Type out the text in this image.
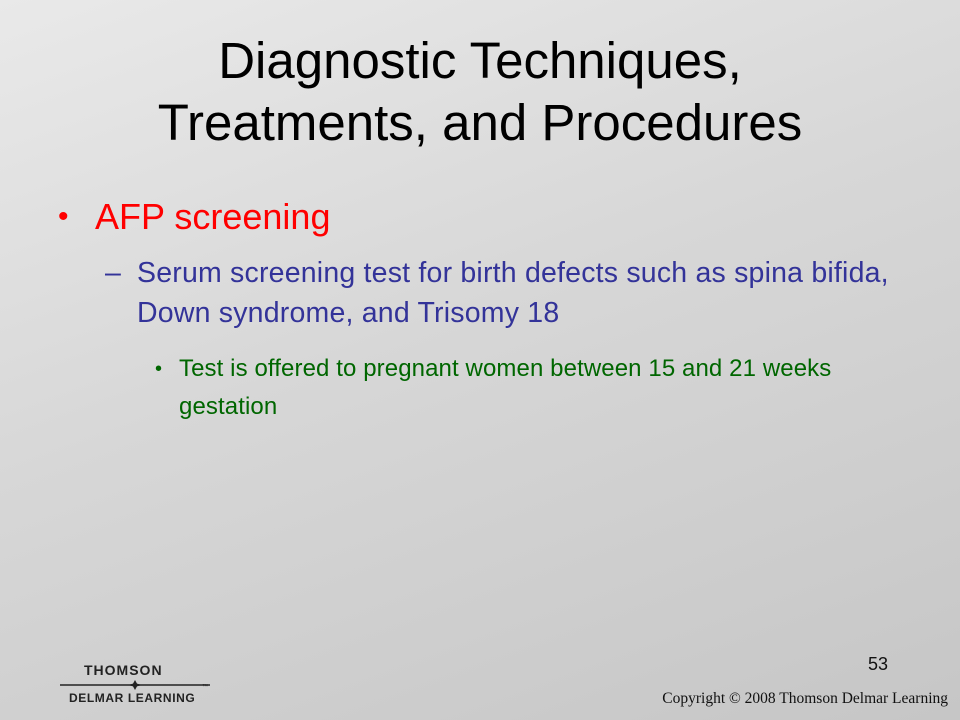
Diagnostic Techniques,
Treatments, and Procedures
• AFP screening
– Serum screening test for birth defects such as spina bifida, Down syndrome, and Trisomy 18
• Test is offered to pregnant women between 15 and 21 weeks gestation
53
THOMSON
™
DELMAR LEARNING	Copyright © 2008 Thomson Delmar Learning
